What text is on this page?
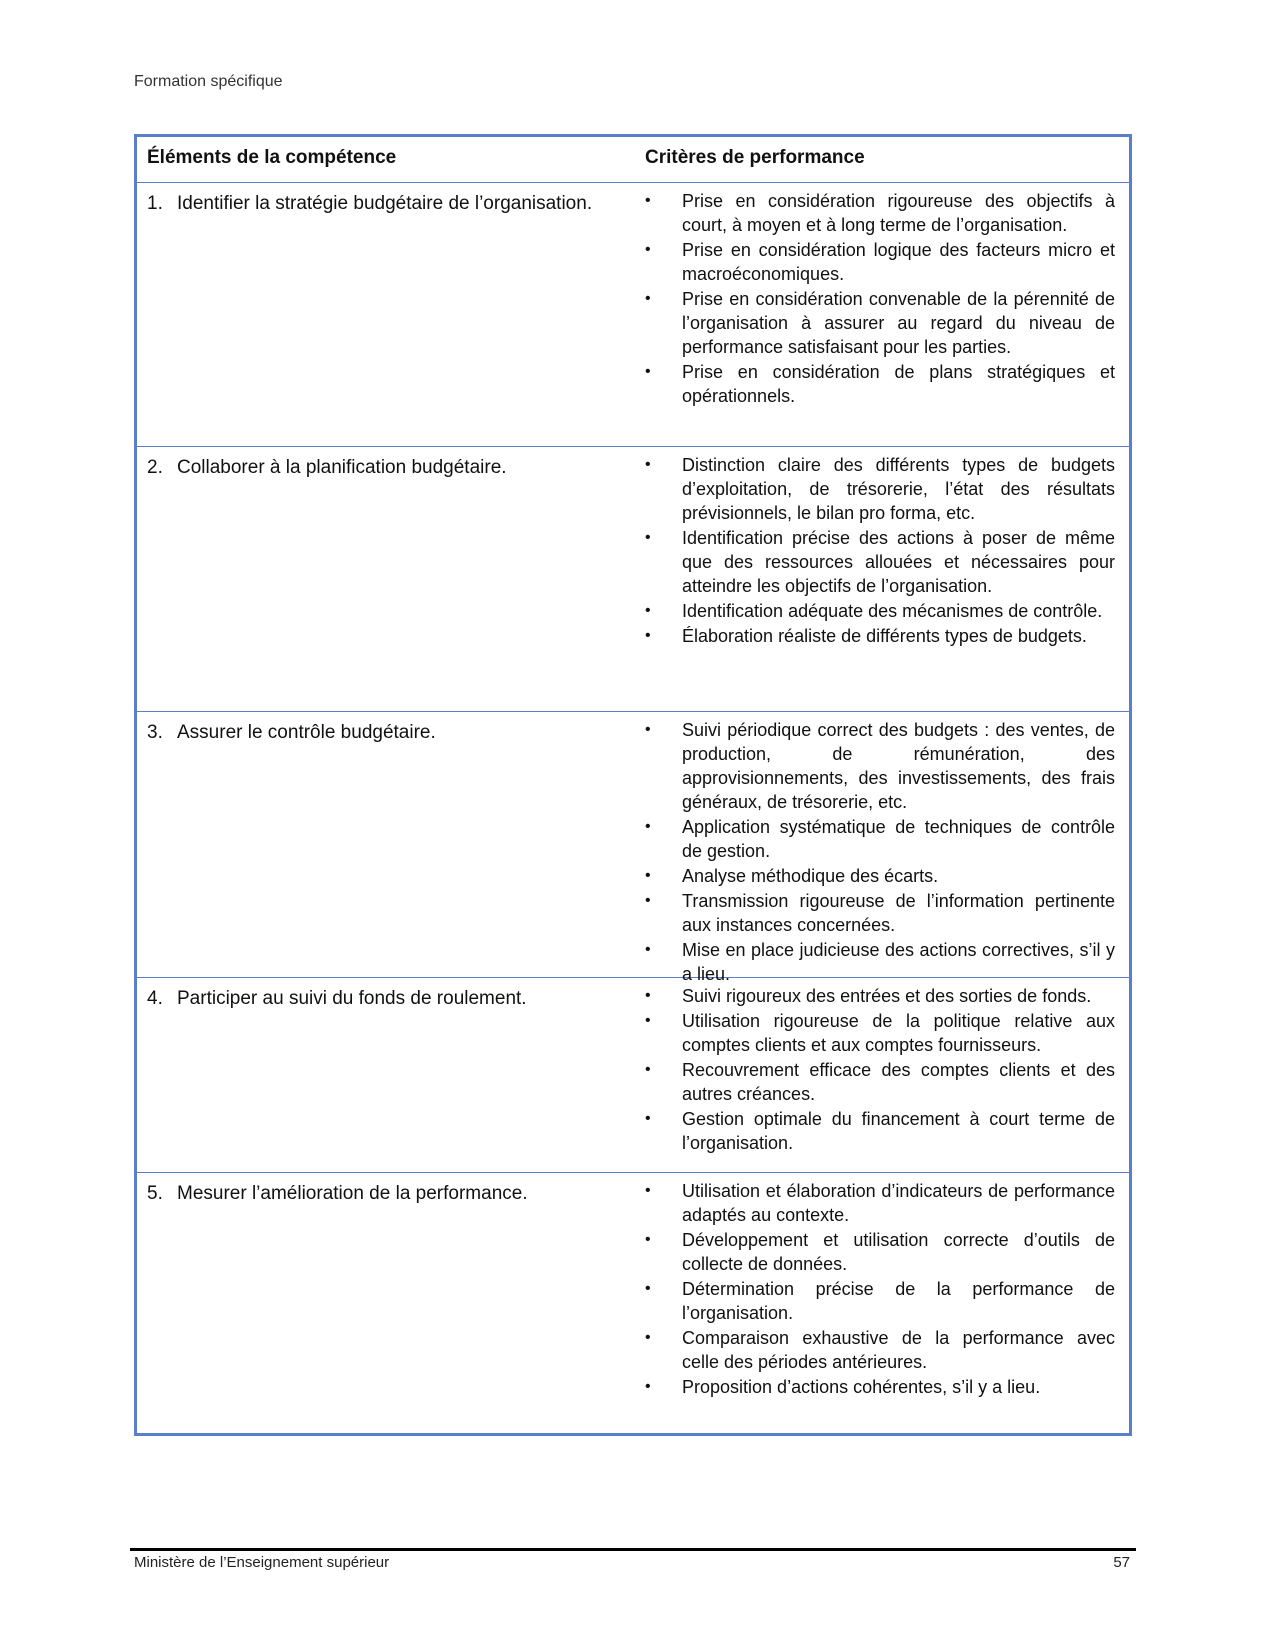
Formation spécifique
Éléments de la compétence	Critères de performance
1. Identifier la stratégie budgétaire de l’organisation.	•	Prise en considération rigoureuse des objectifs à court, à moyen et à long terme de l’organisation.
•	Prise en considération logique des facteurs micro et macroéconomiques.
•	Prise en considération convenable de la pérennité de l’organisation à assurer au regard du niveau de performance satisfaisant pour les parties.
•	Prise en considération de plans stratégiques et opérationnels.
2. Collaborer à la planification budgétaire.	•	Distinction claire des différents types de budgets d’exploitation, de trésorerie, l’état des résultats prévisionnels, le bilan pro forma, etc.
•	Identification précise des actions à poser de même que des ressources allouées et nécessaires pour atteindre les objectifs de l’organisation.
•	Identification adéquate des mécanismes de contrôle.
•	Élaboration réaliste de différents types de budgets.
3. Assurer le contrôle budgétaire.	•	Suivi périodique correct des budgets : des ventes, de production, de rémunération, des approvisionnements, des investissements, des frais généraux, de trésorerie, etc.
•	Application systématique de techniques de contrôle de gestion.
•	Analyse méthodique des écarts.
•	Transmission rigoureuse de l’information pertinente aux instances concernées.
•	Mise en place judicieuse des actions correctives, s’il y a lieu.
4. Participer au suivi du fonds de roulement.	•	Suivi rigoureux des entrées et des sorties de fonds.
•	Utilisation rigoureuse de la politique relative aux comptes clients et aux comptes fournisseurs.
•	Recouvrement efficace des comptes clients et des autres créances.
•	Gestion optimale du financement à court terme de l’organisation.
5. Mesurer l’amélioration de la performance.	•	Utilisation et élaboration d’indicateurs de performance adaptés au contexte.
•	Développement et utilisation correcte d’outils de collecte de données.
•	Détermination précise de la performance de l’organisation.
•	Comparaison exhaustive de la performance avec celle des périodes antérieures.
•	Proposition d’actions cohérentes, s’il y a lieu.
Ministère de l’Enseignement supérieur	57
